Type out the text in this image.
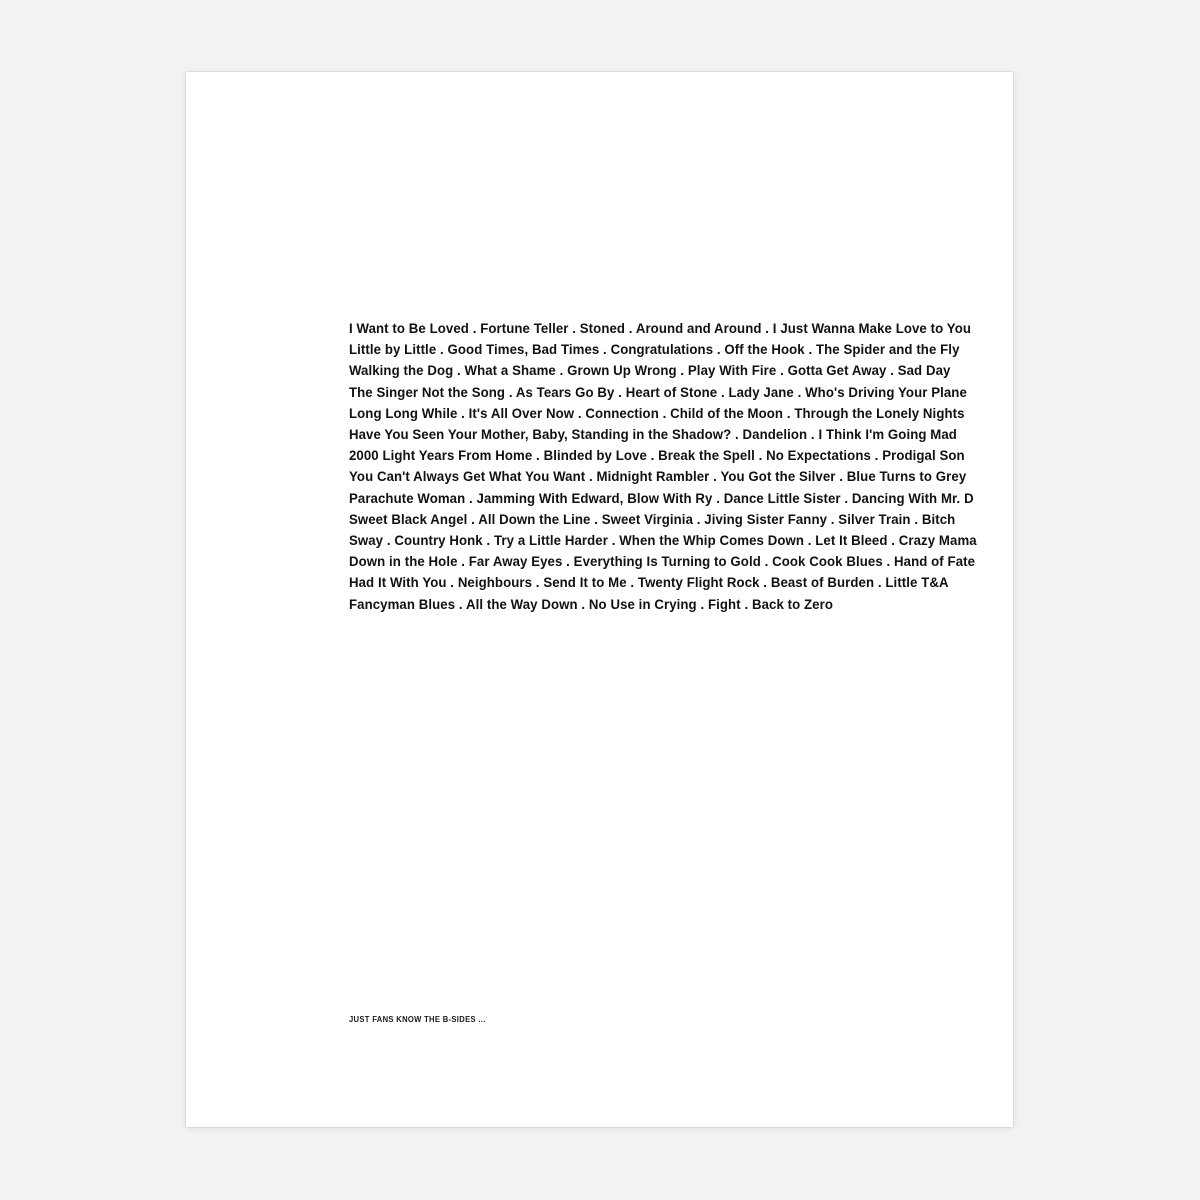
I Want to Be Loved . Fortune Teller . Stoned . Around and Around . I Just Wanna Make Love to You
Little by Little . Good Times, Bad Times . Congratulations . Off the Hook . The Spider and the Fly
Walking the Dog . What a Shame . Grown Up Wrong . Play With Fire . Gotta Get Away . Sad Day
The Singer Not the Song . As Tears Go By . Heart of Stone . Lady Jane . Who's Driving Your Plane
Long Long While . It's All Over Now . Connection . Child of the Moon . Through the Lonely Nights
Have You Seen Your Mother, Baby, Standing in the Shadow? . Dandelion . I Think I'm Going Mad
2000 Light Years From Home . Blinded by Love . Break the Spell . No Expectations . Prodigal Son
You Can't Always Get What You Want . Midnight Rambler . You Got the Silver . Blue Turns to Grey
Parachute Woman . Jamming With Edward, Blow With Ry . Dance Little Sister . Dancing With Mr. D
Sweet Black Angel . All Down the Line . Sweet Virginia . Jiving Sister Fanny . Silver Train . Bitch
Sway . Country Honk . Try a Little Harder . When the Whip Comes Down . Let It Bleed . Crazy Mama
Down in the Hole . Far Away Eyes . Everything Is Turning to Gold . Cook Cook Blues . Hand of Fate
Had It With You . Neighbours . Send It to Me . Twenty Flight Rock . Beast of Burden . Little T&A
Fancyman Blues . All the Way Down . No Use in Crying . Fight . Back to Zero
JUST FANS KNOW THE B-SIDES ...
